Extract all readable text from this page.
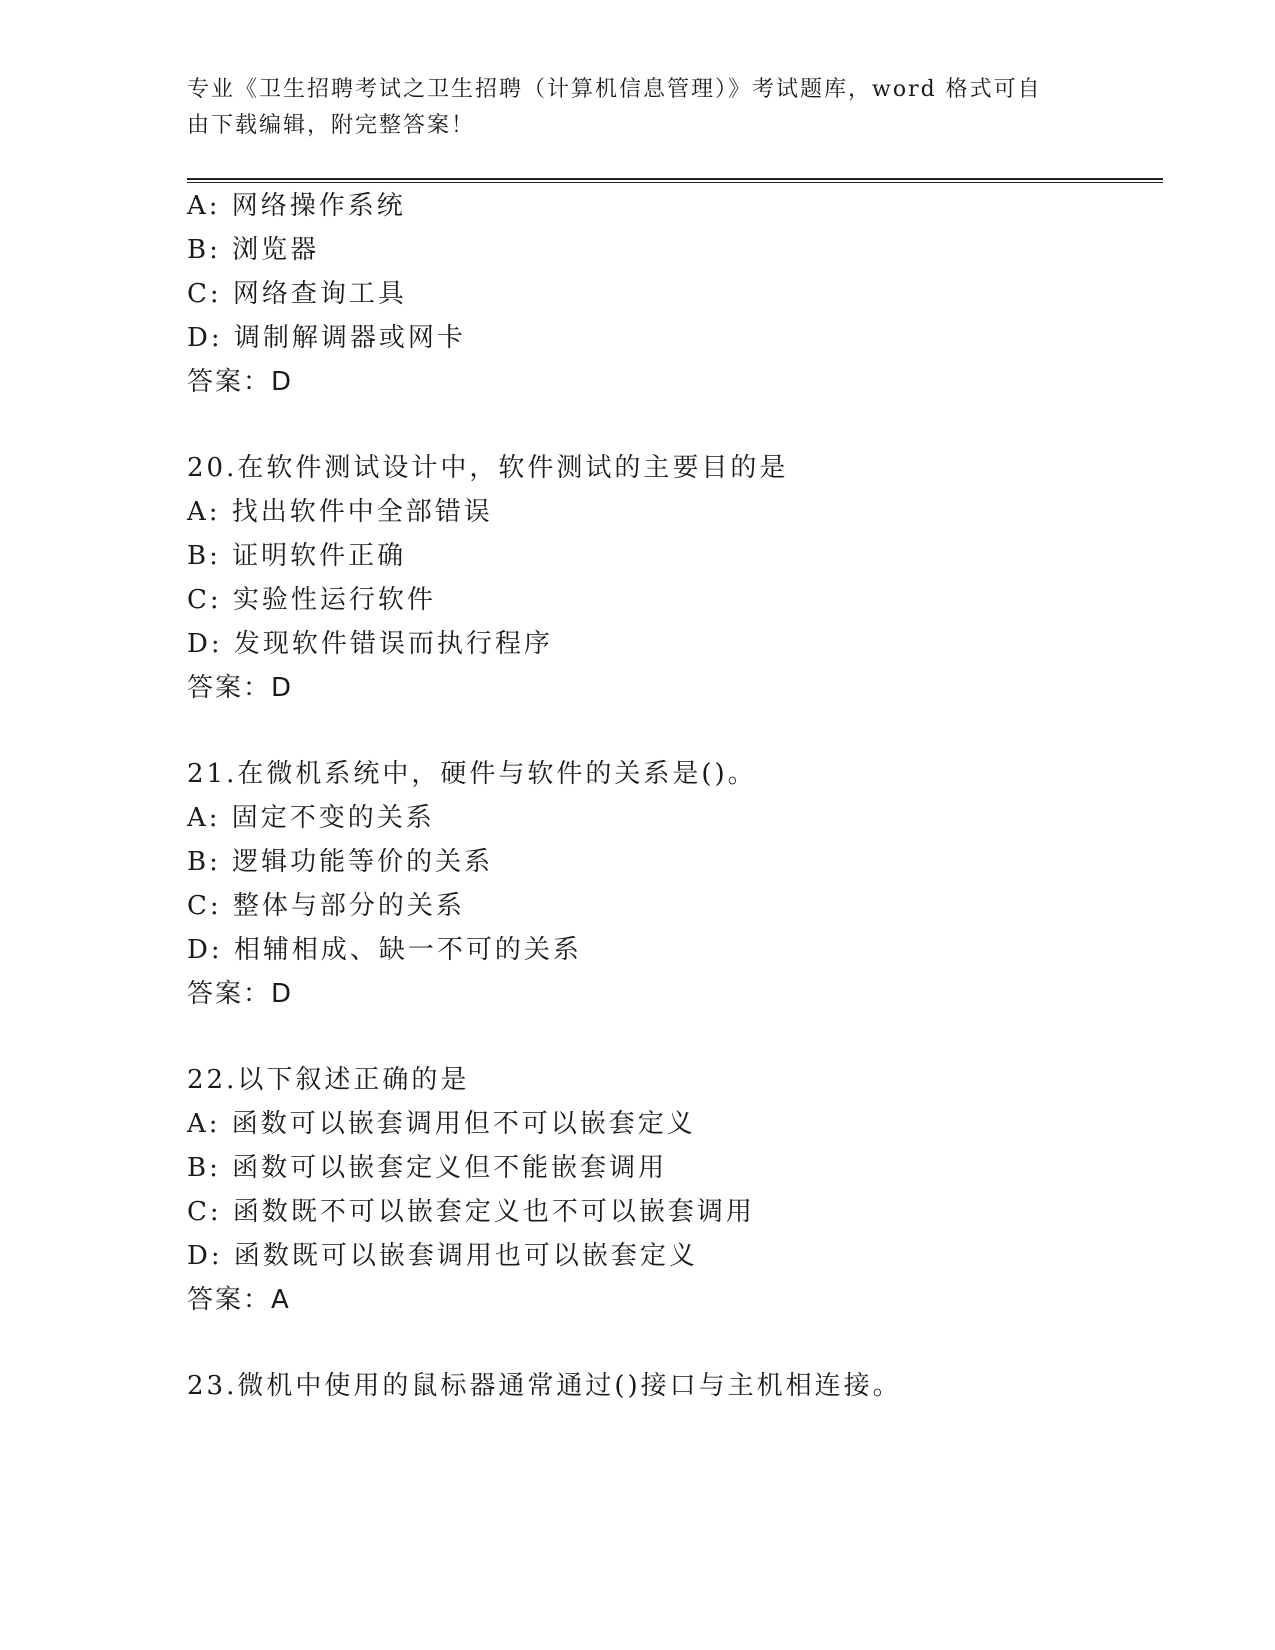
专业《卫生招聘考试之卫生招聘（计算机信息管理）》考试题库，word 格式可自
由下载编辑，附完整答案！
A: 网络操作系统
B: 浏览器
C: 网络查询工具
D: 调制解调器或网卡
答案：D
20.在软件测试设计中，软件测试的主要目的是
A: 找出软件中全部错误
B: 证明软件正确
C: 实验性运行软件
D: 发现软件错误而执行程序
答案：D
21.在微机系统中，硬件与软件的关系是()。
A: 固定不变的关系
B: 逻辑功能等价的关系
C: 整体与部分的关系
D: 相辅相成、缺一不可的关系
答案：D
22.以下叙述正确的是
A: 函数可以嵌套调用但不可以嵌套定义
B: 函数可以嵌套定义但不能嵌套调用
C: 函数既不可以嵌套定义也不可以嵌套调用
D: 函数既可以嵌套调用也可以嵌套定义
答案：A
23.微机中使用的鼠标器通常通过()接口与主机相连接。
